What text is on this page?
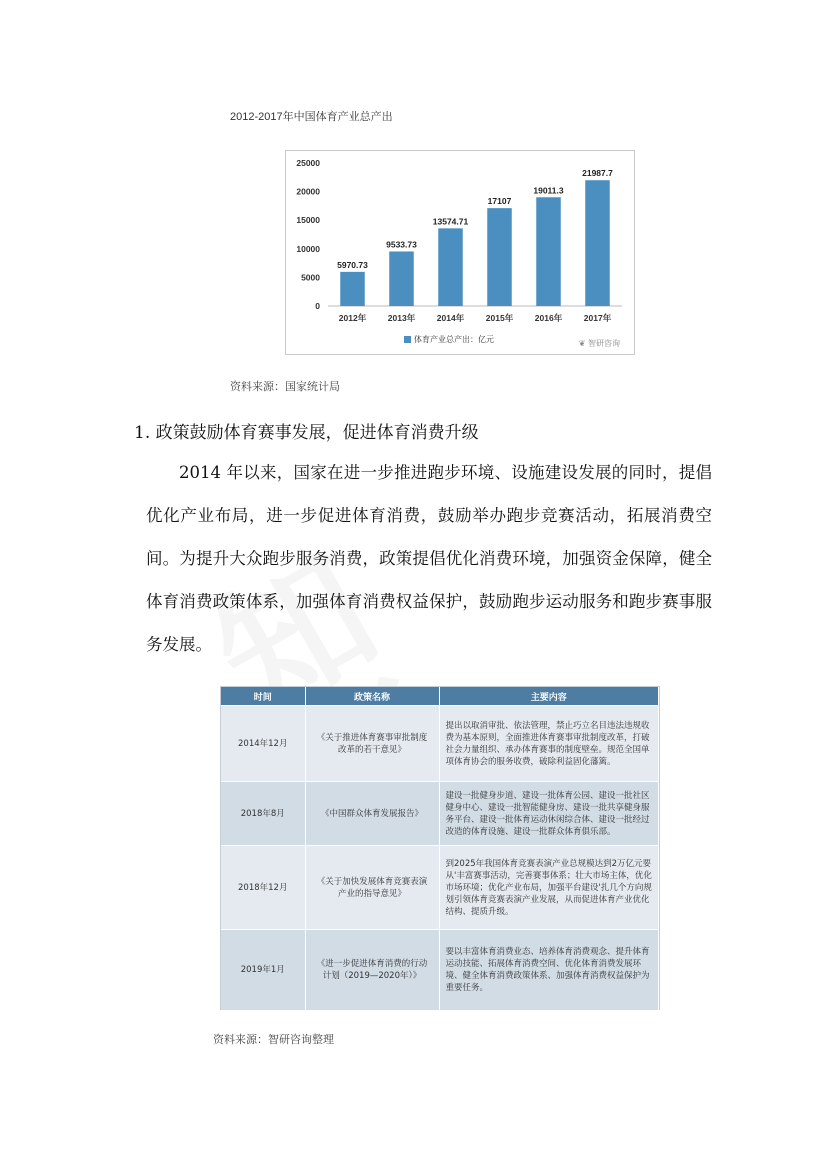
2012-2017年中国体育产业总产出
0
5000
10000
15000
20000
25000
5970.73
2012年
9533.73
2013年
13574.71
2014年
17107
2015年
19011.3
2016年
21987.7
2017年
体育产业总产出：亿元	❦ 智研咨询
资料来源：国家统计局
1. 政策鼓励体育赛事发展，促进体育消费升级
2014 年以来，国家在进一步推进跑步环境、设施建设发展的同时，提倡优化产业布局，进一步促进体育消费，鼓励举办跑步竞赛活动，拓展消费空间。为提升大众跑步服务消费，政策提倡优化消费环境，加强资金保障，健全体育消费政策体系，加强体育消费权益保护，鼓励跑步运动服务和跑步赛事服务发展。
时间	政策名称	主要内容
2014年12月	《关于推进体育赛事审批制度改革的若干意见》	提出以取消审批、依法管理，禁止巧立名目违法违规收费为基本原则，全面推进体育赛事审批制度改革，打破社会力量组织、承办体育赛事的制度壁垒。规范全国单项体育协会的服务收费，破除利益固化藩篱。
2018年8月	《中国群众体育发展报告》	建设一批健身步道、建设一批体育公园、建设一批社区健身中心、建设一批智能健身房、建设一批共享健身服务平台、建设一批体育运动休闲综合体、建设一批经过改造的体育设施、建设一批群众体育俱乐部。
2018年12月	《关于加快发展体育竞赛表演产业的指导意见》	到2025年我国体育竞赛表演产业总规模达到2万亿元要从'丰富赛事活动，完善赛事体系；壮大市场主体，优化市场环境；优化产业布局，加强平台建设'扎几个方向规划引领体育竞赛表演产业发展，从而促进体育产业优化结构、提质升级。
2019年1月	《进一步促进体育消费的行动计划（2019—2020年）》	要以丰富体育消费业态、培养体育消费观念、提升体育运动技能、拓展体育消费空间、优化体育消费发展环境、健全体育消费政策体系、加强体育消费权益保护为重要任务。
资料来源：智研咨询整理
